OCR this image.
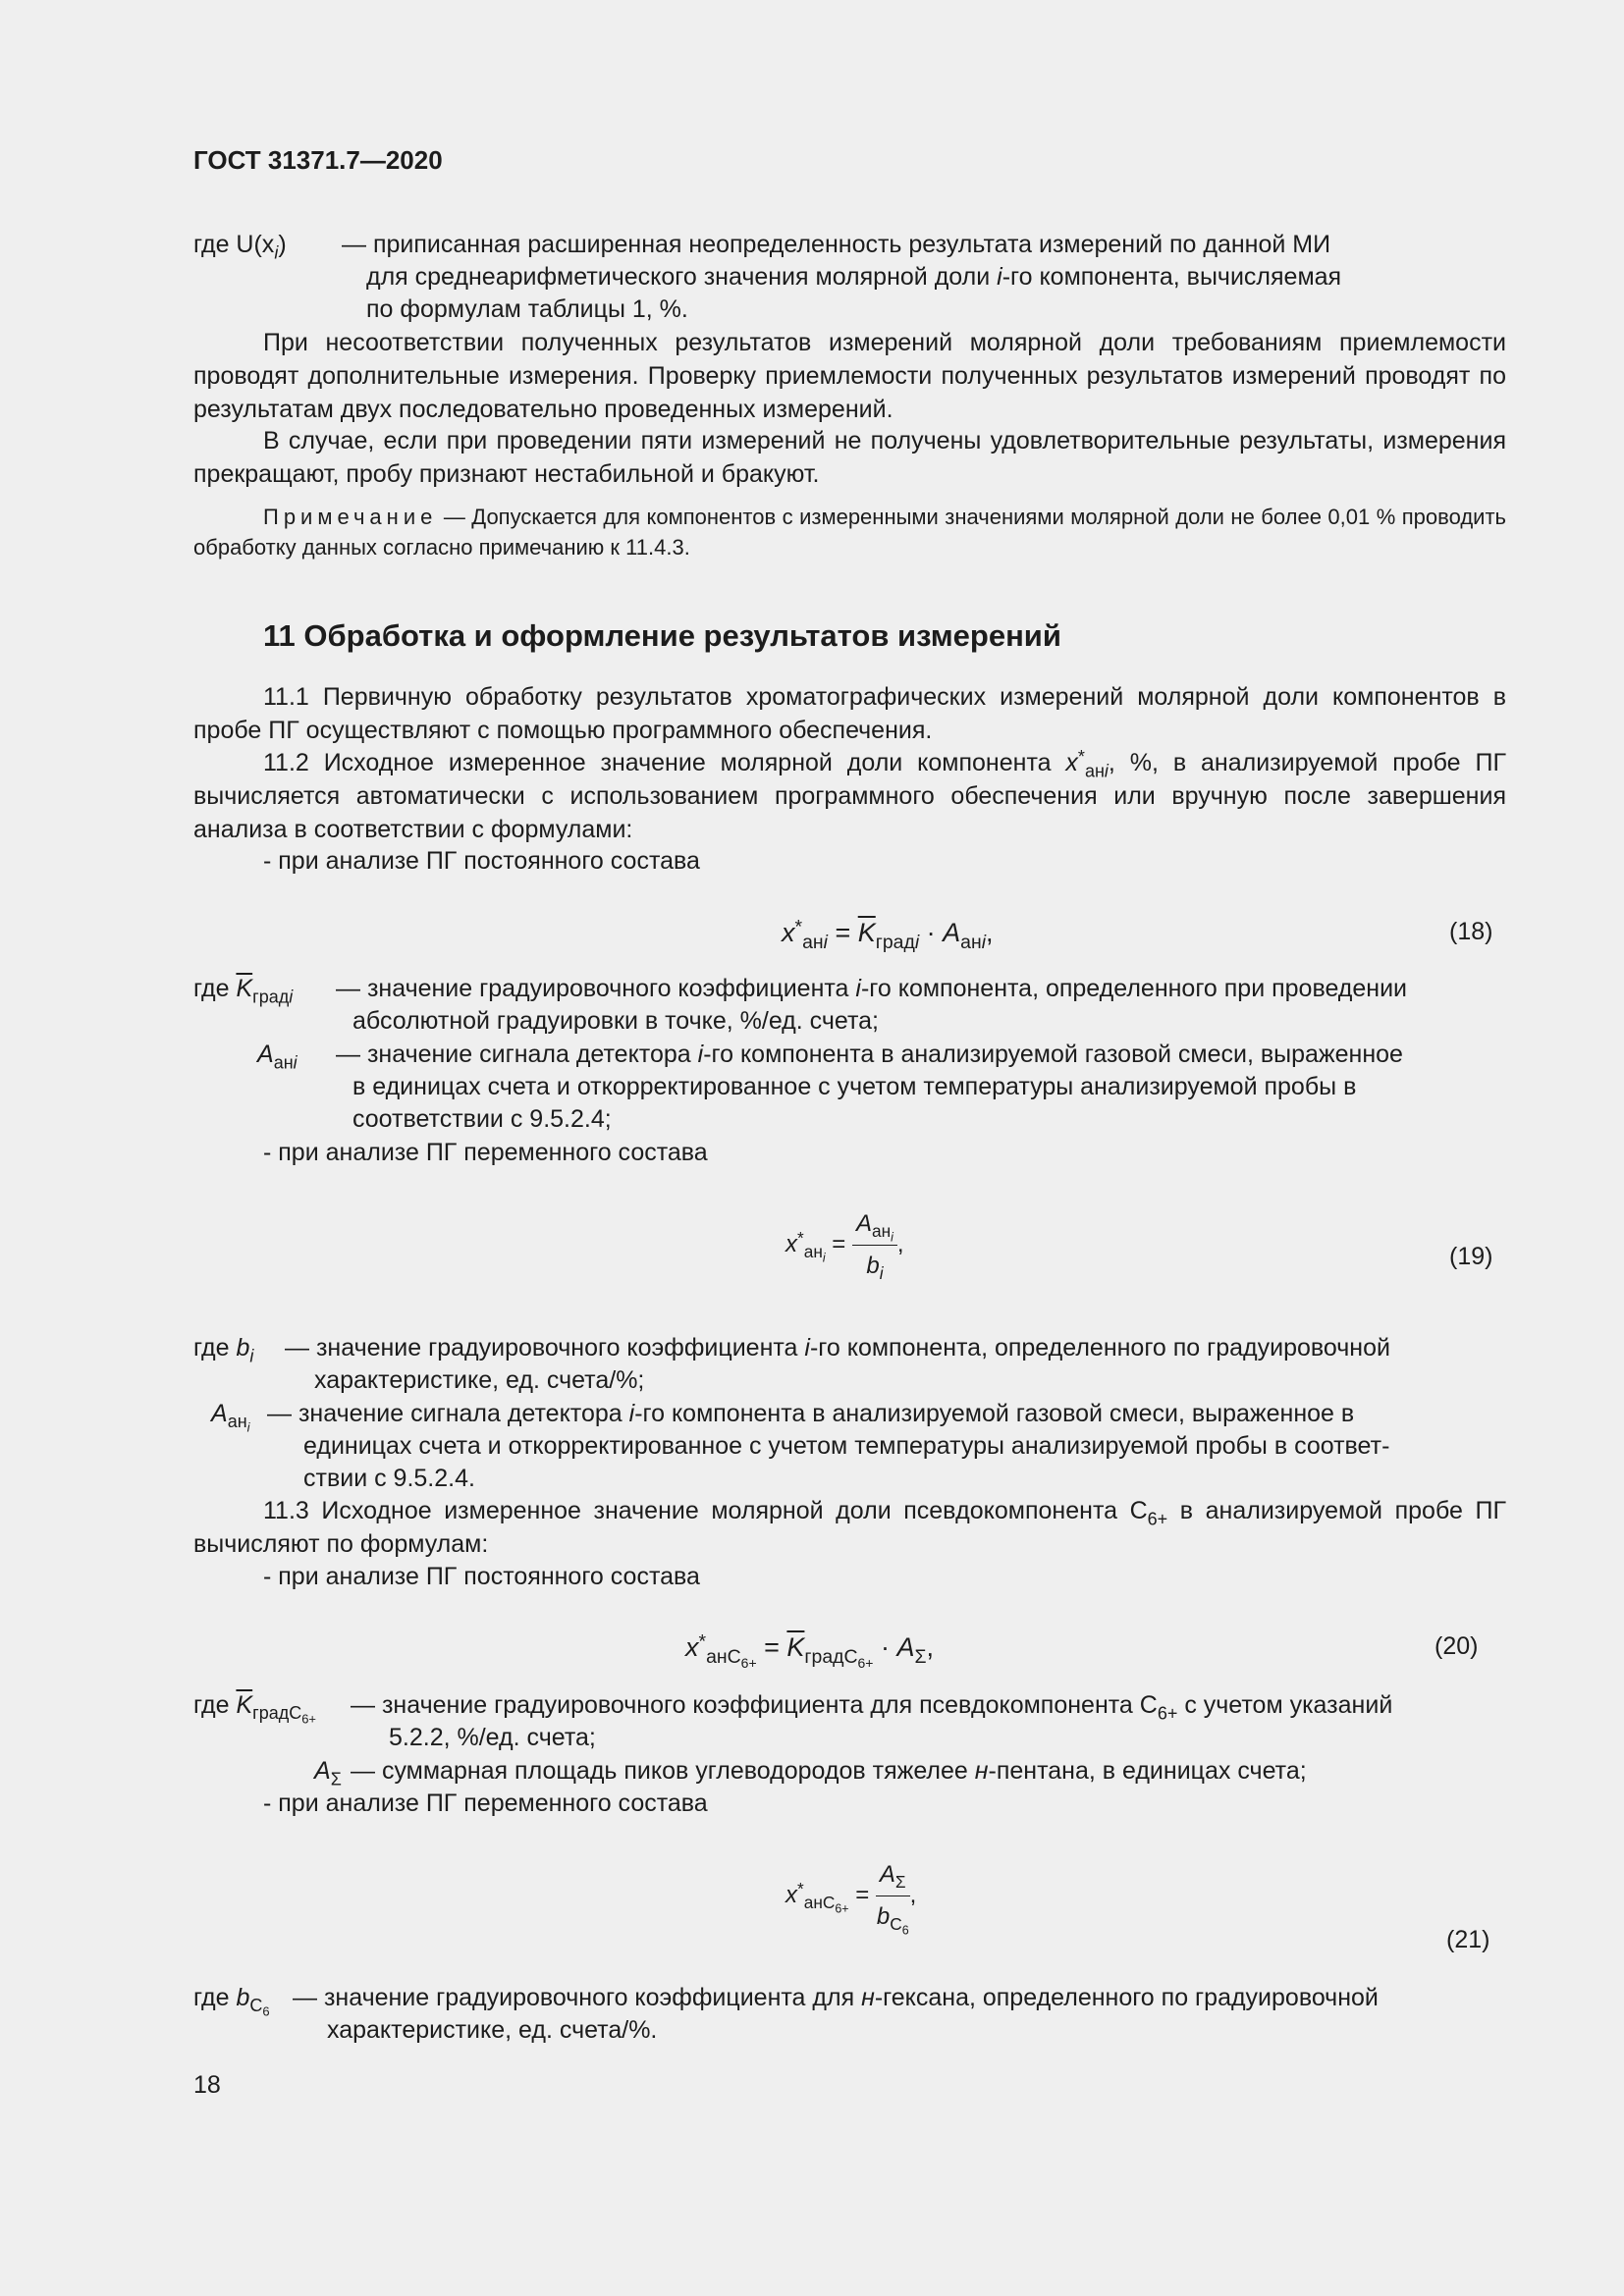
ГОСТ 31371.7—2020
где $U(x_i)$ — приписанная расширенная неопределенность результата измерений по данной МИ
для среднеарифметического значения молярной доли i-го компонента, вычисляемая
по формулам таблицы 1, %.
При несоответствии полученных результатов измерений молярной доли требованиям приемлемости проводят дополнительные измерения. Проверку приемлемости полученных результатов измерений проводят по результатам двух последовательно проведенных измерений.
В случае, если при проведении пяти измерений не получены удовлетворительные результаты, измерения прекращают, пробу признают нестабильной и бракуют.
Примечание — Допускается для компонентов с измеренными значениями молярной доли не более 0,01 % проводить обработку данных согласно примечанию к 11.4.3.
11 Обработка и оформление результатов измерений
11.1 Первичную обработку результатов хроматографических измерений молярной доли компонентов в пробе ПГ осуществляют с помощью программного обеспечения.
11.2 Исходное измеренное значение молярной доли компонента $x^*_{анi}$, %, в анализируемой пробе ПГ вычисляется автоматически с использованием программного обеспечения или вручную после завершения анализа в соответствии с формулами:
- при анализе ПГ постоянного состава
$x^*_{анi} = \overline{K}_{градi} \cdot A_{анi}$,	(18)
где $\overline{K}_{градi}$ — значение градуировочного коэффициента i-го компонента, определенного при проведении
абсолютной градуировки в точке, %/ед. счета;
$A_{анi}$ — значение сигнала детектора i-го компонента в анализируемой газовой смеси, выраженное
в единицах счета и откорректированное с учетом температуры анализируемой пробы в
соответствии с 9.5.2.4;
- при анализе ПГ переменного состава
$x^*_{ан_i} = \frac{A_{ан_i}}{b_i}$ ,	(19)
где $b_i$ — значение градуировочного коэффициента i-го компонента, определенного по градуировочной
характеристике, ед. счета/%;
$A_{ан_i}$
— значение сигнала детектора i-го компонента в анализируемой газовой смеси, выраженное в
единицах счета и откорректированное с учетом температуры анализируемой пробы в соответ-
ствии с 9.5.2.4.
11.3 Исходное измеренное значение молярной доли псевдокомпонента $С_{6+}$ в анализируемой пробе ПГ вычисляют по формулам:
- при анализе ПГ постоянного состава
$x^*_{анС_{6+}} = \overline{K}_{градС_{6+}} \cdot A_\Sigma$,	(20)
где $\overline{K}_{градС_{6+}}$
— значение градуировочного коэффициента для псевдокомпонента $С_{6+}$ с учетом указаний
5.2.2, %/ед. счета;
$A_\Sigma$ — суммарная площадь пиков углеводородов тяжелее н-пентана, в единицах счета;
- при анализе ПГ переменного состава
$x^*_{анС_{6+}} = \frac{A_\Sigma}{b_{С_6}}$ ,
(21)
где $b_{С_6}$
— значение градуировочного коэффициента для н-гексана, определенного по градуировочной
характеристике, ед. счета/%.
18
